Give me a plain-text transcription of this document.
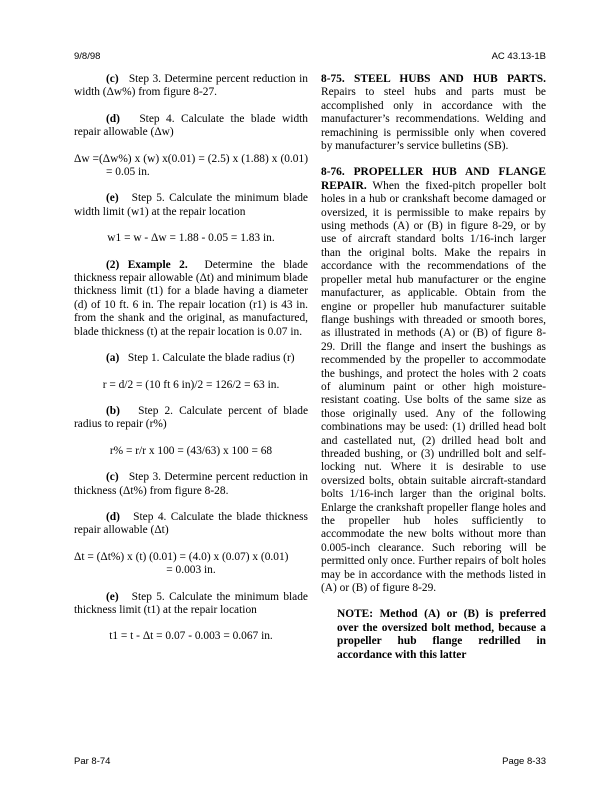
9/8/98	AC 43.13-1B

(c) Step 3. Determine percent reduction in width (Δw%) from figure 8-27.

(d) Step 4. Calculate the blade width repair allowable (Δw)

Δw =(Δw%) x (w) x(0.01) = (2.5) x (1.88) x (0.01) = 0.05 in.

(e) Step 5. Calculate the minimum blade width limit (w1) at the repair location

w1 = w - Δw = 1.88 - 0.05 = 1.83 in.

(2) Example 2. Determine the blade thickness repair allowable (Δt) and minimum blade thickness limit (t1) for a blade having a diameter (d) of 10 ft. 6 in. The repair location (r1) is 43 in. from the shank and the original, as manufactured, blade thickness (t) at the repair location is 0.07 in.

(a) Step 1. Calculate the blade radius (r)

r = d/2 = (10 ft 6 in)/2 = 126/2 = 63 in.

(b) Step 2. Calculate percent of blade radius to repair (r%)

r% = r/r x 100 = (43/63) x 100 = 68

(c) Step 3. Determine percent reduction in thickness (Δt%) from figure 8-28.

(d) Step 4. Calculate the blade thickness repair allowable (Δt)

Δt = (Δt%) x (t) (0.01) = (4.0) x (0.07) x (0.01)

= 0.003 in.

(e) Step 5. Calculate the minimum blade thickness limit (t1) at the repair location

t1 = t - Δt = 0.07 - 0.003 = 0.067 in.

8-75. STEEL HUBS AND HUB PARTS. Repairs to steel hubs and parts must be accomplished only in accordance with the manufacturer’s recommendations. Welding and remachining is permissible only when covered by manufacturer’s service bulletins (SB).

8-76. PROPELLER HUB AND FLANGE REPAIR. When the fixed-pitch propeller bolt holes in a hub or crankshaft become damaged or oversized, it is permissible to make repairs by using methods (A) or (B) in figure 8-29, or by use of aircraft standard bolts 1/16-inch larger than the original bolts. Make the repairs in accordance with the recommendations of the propeller metal hub manufacturer or the engine manufacturer, as applicable. Obtain from the engine or propeller hub manufacturer suitable flange bushings with threaded or smooth bores, as illustrated in methods (A) or (B) of figure 8-29. Drill the flange and insert the bushings as recommended by the propeller to accommodate the bushings, and protect the holes with 2 coats of aluminum paint or other high moisture-resistant coating. Use bolts of the same size as those originally used. Any of the following combinations may be used: (1) drilled head bolt and castellated nut, (2) drilled head bolt and threaded bushing, or (3) undrilled bolt and self-locking nut. Where it is desirable to use oversized bolts, obtain suitable aircraft-standard bolts 1/16-inch larger than the original bolts. Enlarge the crankshaft propeller flange holes and the propeller hub holes sufficiently to accommodate the new bolts without more than 0.005-inch clearance. Such reboring will be permitted only once. Further repairs of bolt holes may be in accordance with the methods listed in (A) or (B) of figure 8-29.

NOTE: Method (A) or (B) is preferred over the oversized bolt method, because a propeller hub flange redrilled in accordance with this latter

Par 8-74	Page 8-33
